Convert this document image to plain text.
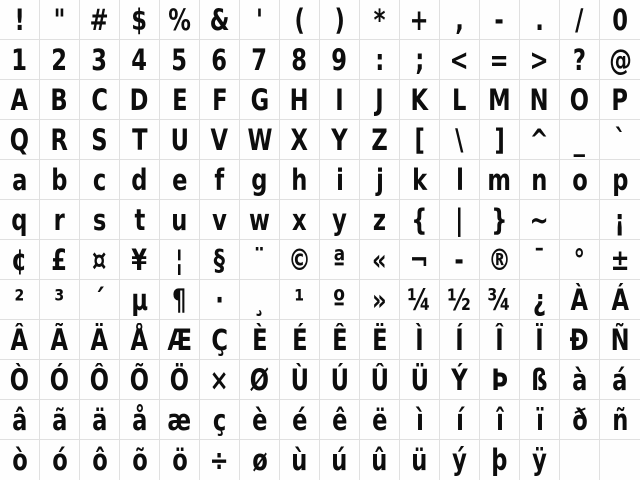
! " # $ % & ' ( ) * + , - . / 0
1 2 3 4 5 6 7 8 9 : ; < = > ? @
A B C D E F G H I J K L M N O P
Q R S T U V W X Y Z [ \ ] ^ _ `
a b c d e f g h i j k l m n o p
q r s t u v w x y z { | } ~ ¡
¢ £ ¤ ¥ ¦ § ¨ © ª « ¬ - ® ¯ ° ±
² ³ ´ µ ¶ · ¸ ¹ º » ¼ ½ ¾ ¿ À Á
Â Ã Ä Å Æ Ç È É Ê Ë Ì Í Î Ï Ð Ñ
Ò Ó Ô Õ Ö × Ø Ù Ú Û Ü Ý Þ ß à á
â ã ä å æ ç è é ê ë ì í î ï ð ñ
ò ó ô õ ö ÷ ø ù ú û ü ý þ ÿ
